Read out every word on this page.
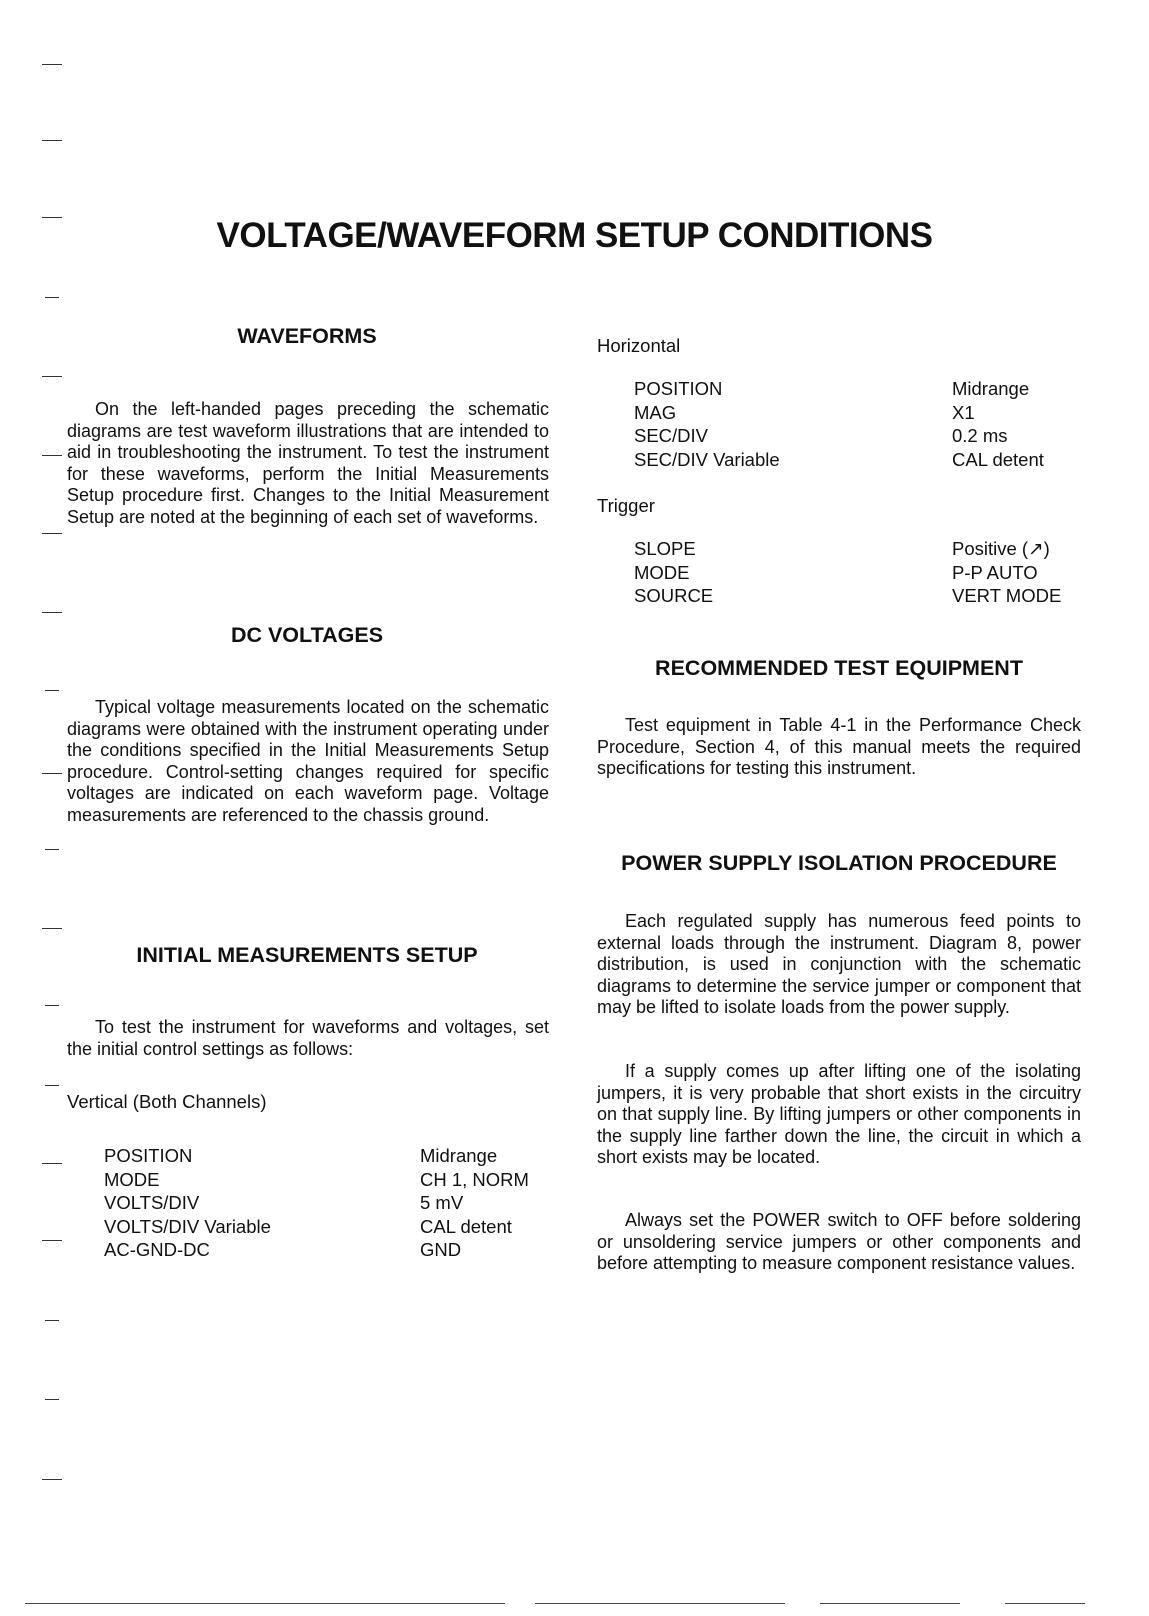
VOLTAGE/WAVEFORM SETUP CONDITIONS
WAVEFORMS

On the left-handed pages preceding the schematic diagrams are test waveform illustrations that are intended to aid in troubleshooting the instrument. To test the instrument for these waveforms, perform the Initial Measurements Setup procedure first. Changes to the Initial Measurement Setup are noted at the beginning of each set of waveforms.

DC VOLTAGES

Typical voltage measurements located on the schematic diagrams were obtained with the instrument operating under the conditions specified in the Initial Measurements Setup procedure. Control-setting changes required for specific voltages are indicated on each waveform page. Voltage measurements are referenced to the chassis ground.

INITIAL MEASUREMENTS SETUP

To test the instrument for waveforms and voltages, set the initial control settings as follows:

Vertical (Both Channels)
POSITION	Midrange
MODE	CH 1, NORM
VOLTS/DIV	5 mV
VOLTS/DIV Variable	CAL detent
AC-GND-DC	GND
Horizontal
POSITION	Midrange
MAG	X1
SEC/DIV	0.2 ms
SEC/DIV Variable	CAL detent
Trigger
SLOPE	Positive (↗)
MODE	P-P AUTO
SOURCE	VERT MODE
RECOMMENDED TEST EQUIPMENT

Test equipment in Table 4-1 in the Performance Check Procedure, Section 4, of this manual meets the required specifications for testing this instrument.

POWER SUPPLY ISOLATION PROCEDURE

Each regulated supply has numerous feed points to external loads through the instrument. Diagram 8, power distribution, is used in conjunction with the schematic diagrams to determine the service jumper or component that may be lifted to isolate loads from the power supply.

If a supply comes up after lifting one of the isolating jumpers, it is very probable that short exists in the circuitry on that supply line. By lifting jumpers or other components in the supply line farther down the line, the circuit in which a short exists may be located.

Always set the POWER switch to OFF before soldering or unsoldering service jumpers or other components and before attempting to measure component resistance values.
